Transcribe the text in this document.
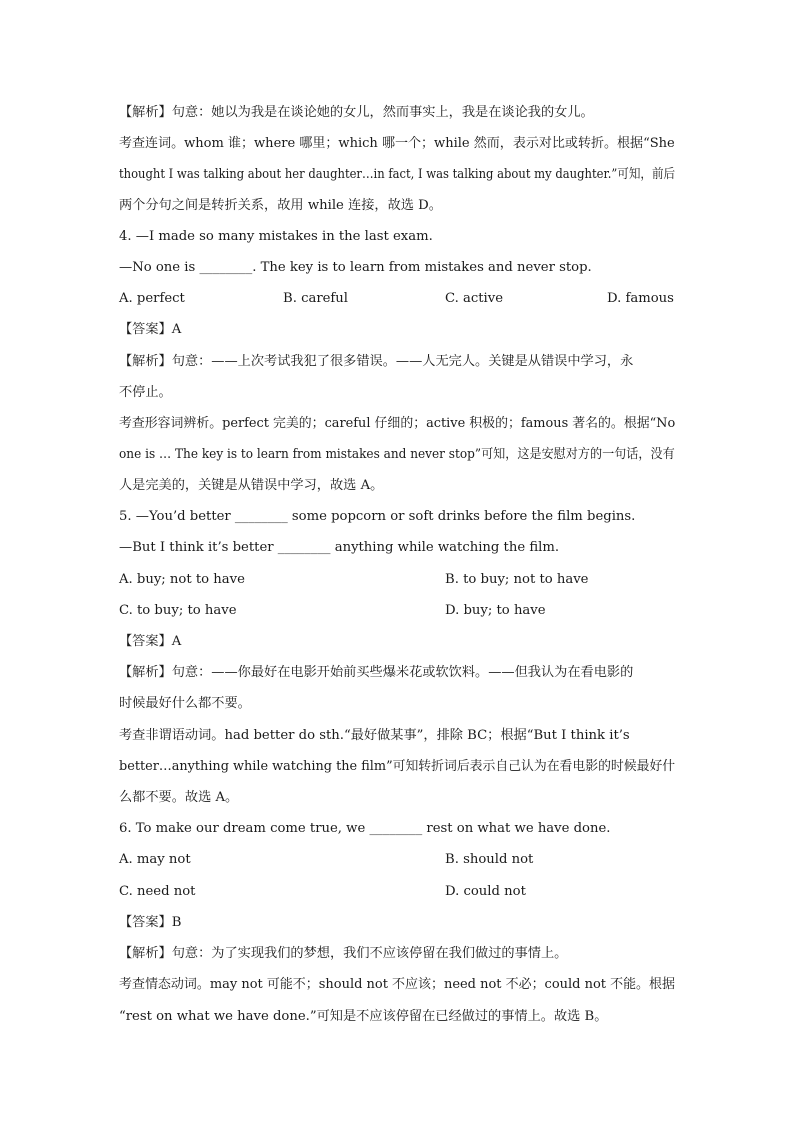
【解析】句意：她以为我是在谈论她的女儿，然而事实上，我是在谈论我的女儿。
考查连词。whom 谁；where 哪里；which 哪一个；while 然而，表示对比或转折。根据“She
thought I was talking about her daughter…in fact, I was talking about my daughter.”可知，前后
两个分句之间是转折关系，故用 while 连接，故选 D。
4. —I made so many mistakes in the last exam.
—No one is ________. The key is to learn from mistakes and never stop.
A. perfect	B. careful	C. active	D. famous
【答案】A
【解析】句意：——上次考试我犯了很多错误。——人无完人。关键是从错误中学习，永
不停止。
考查形容词辨析。perfect 完美的；careful 仔细的；active 积极的；famous 著名的。根据“No
one is … The key is to learn from mistakes and never stop”可知，这是安慰对方的一句话，没有
人是完美的，关键是从错误中学习，故选 A。
5. —You’d better ________ some popcorn or soft drinks before the film begins.
—But I think it’s better ________ anything while watching the film.
A. buy; not to have	B. to buy; not to have
C. to buy; to have	D. buy; to have
【答案】A
【解析】句意：——你最好在电影开始前买些爆米花或软饮料。——但我认为在看电影的
时候最好什么都不要。
考查非谓语动词。had better do sth.“最好做某事”，排除 BC；根据“But I think it’s
better…anything while watching the film”可知转折词后表示自己认为在看电影的时候最好什
么都不要。故选 A。
6. To make our dream come true, we ________ rest on what we have done.
A. may not	B. should not
C. need not	D. could not
【答案】B
【解析】句意：为了实现我们的梦想，我们不应该停留在我们做过的事情上。
考查情态动词。may not 可能不；should not 不应该；need not 不必；could not 不能。根据
“rest on what we have done.”可知是不应该停留在已经做过的事情上。故选 B。
